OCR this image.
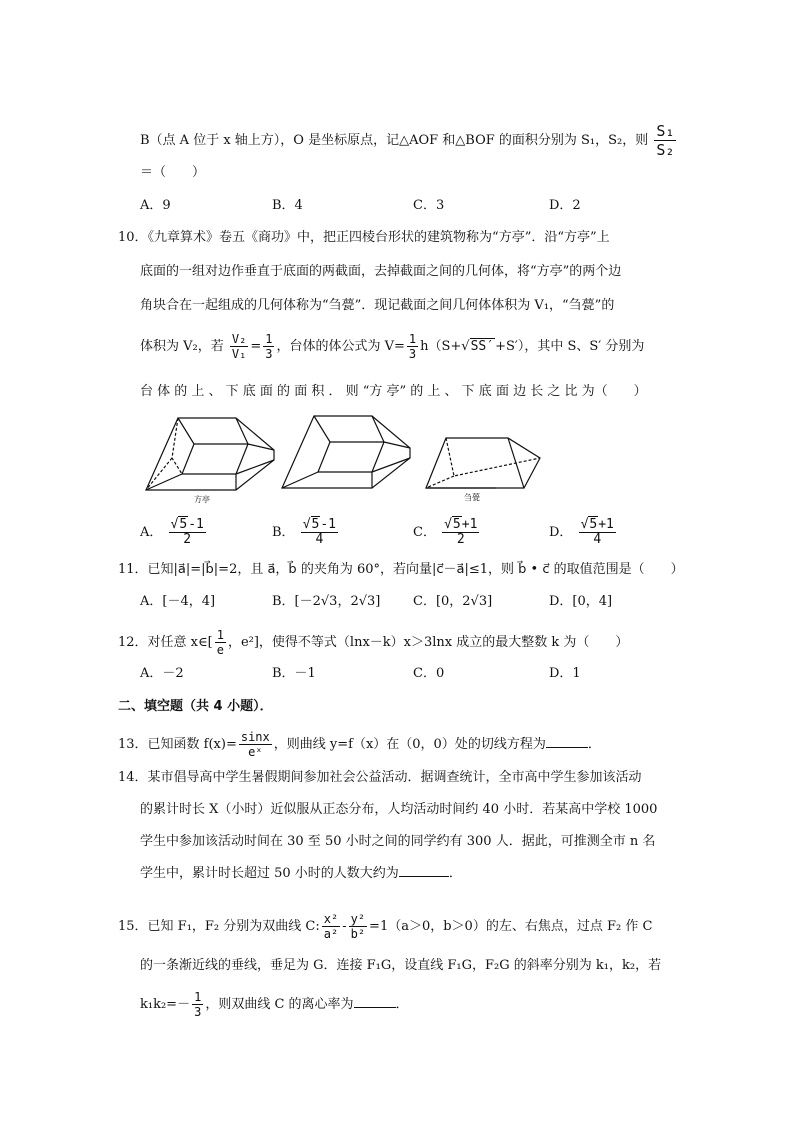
B（点 A 位于 x 轴上方），O 是坐标原点，记△AOF 和△BOF 的面积分别为 S₁，S₂，则 $\frac{\text{S₁}}{\text{S₂}}$
＝（　　）
A．9	B．4	C．3	D．2
10．《九章算术》卷五《商功》中，把正四棱台形状的建筑物称为“方亭”．沿“方亭”上
底面的一组对边作垂直于底面的两截面，去掉截面之间的几何体，将“方亭”的两个边
角块合在一起组成的几何体称为“刍甍”．现记截面之间几何体体积为 V₁，“刍甍”的
体积为 V₂，若 $\frac{\text{V₂}}{\text{V₁}} = \frac{1}{3}$ ，台体的体公式为 $V= \frac{1}{3} h(S+√SS'+S')$，其中 S、S′ 分别为
台 体 的 上 、 下 底 面 的 面 积 ． 则 “方 亭” 的 上 、 下 底 面 边 长 之 比 为（　　）
方亭	刍甍
A． $\frac{√5-1}{2}$	B． $\frac{√5-1}{4}$	C． $\frac{√5+1}{2}$	D． $\frac{√5+1}{4}$
11．已知|a⃗|=|b⃗|=2，且 a⃗，b⃗ 的夹角为 60°，若向量|c⃗－a⃗|≤1，则 b⃗ • c⃗ 的取值范围是（　　）
A．[－4，4]	B．[－2√3，2√3]	C．[0，2√3]	D．[0，4]
12．对任意 x∈[ $\frac{1}{e}$ ，e²]，使得不等式（lnx－k）x＞3lnx 成立的最大整数 k 为（　　）
A．－2	B．－1	C．0	D．1
二、填空题（共 4 小题）．
13．已知函数 $f(x)= \frac{\sin x}{\text{eˣ}}$ ，则曲线 y=f（x）在（0，0）处的切线方程为	．
14．某市倡导高中学生暑假期间参加社会公益活动．据调查统计，全市高中学生参加该活动
的累计时长 X（小时）近似服从正态分布，人均活动时间约 40 小时．若某高中学校 1000
学生中参加该活动时间在 30 至 50 小时之间的同学约有 300 人．据此，可推测全市 n 名
学生中，累计时长超过 50 小时的人数大约为	．
15．已知 F₁，F₂ 分别为双曲线 C: $\frac{\text{x²}}{\text{a²}} - \frac{\text{y²}}{\text{b²}} =1(a>0$，b＞0）的左、右焦点，过点 F₂ 作 C
的一条渐近线的垂线，垂足为 G．连接 F₁G，设直线 F₁G，F₂G 的斜率分别为 k₁，k₂，若
$k_1k_2=- \frac{1}{3}$ ，则双曲线 C 的离心率为	．
